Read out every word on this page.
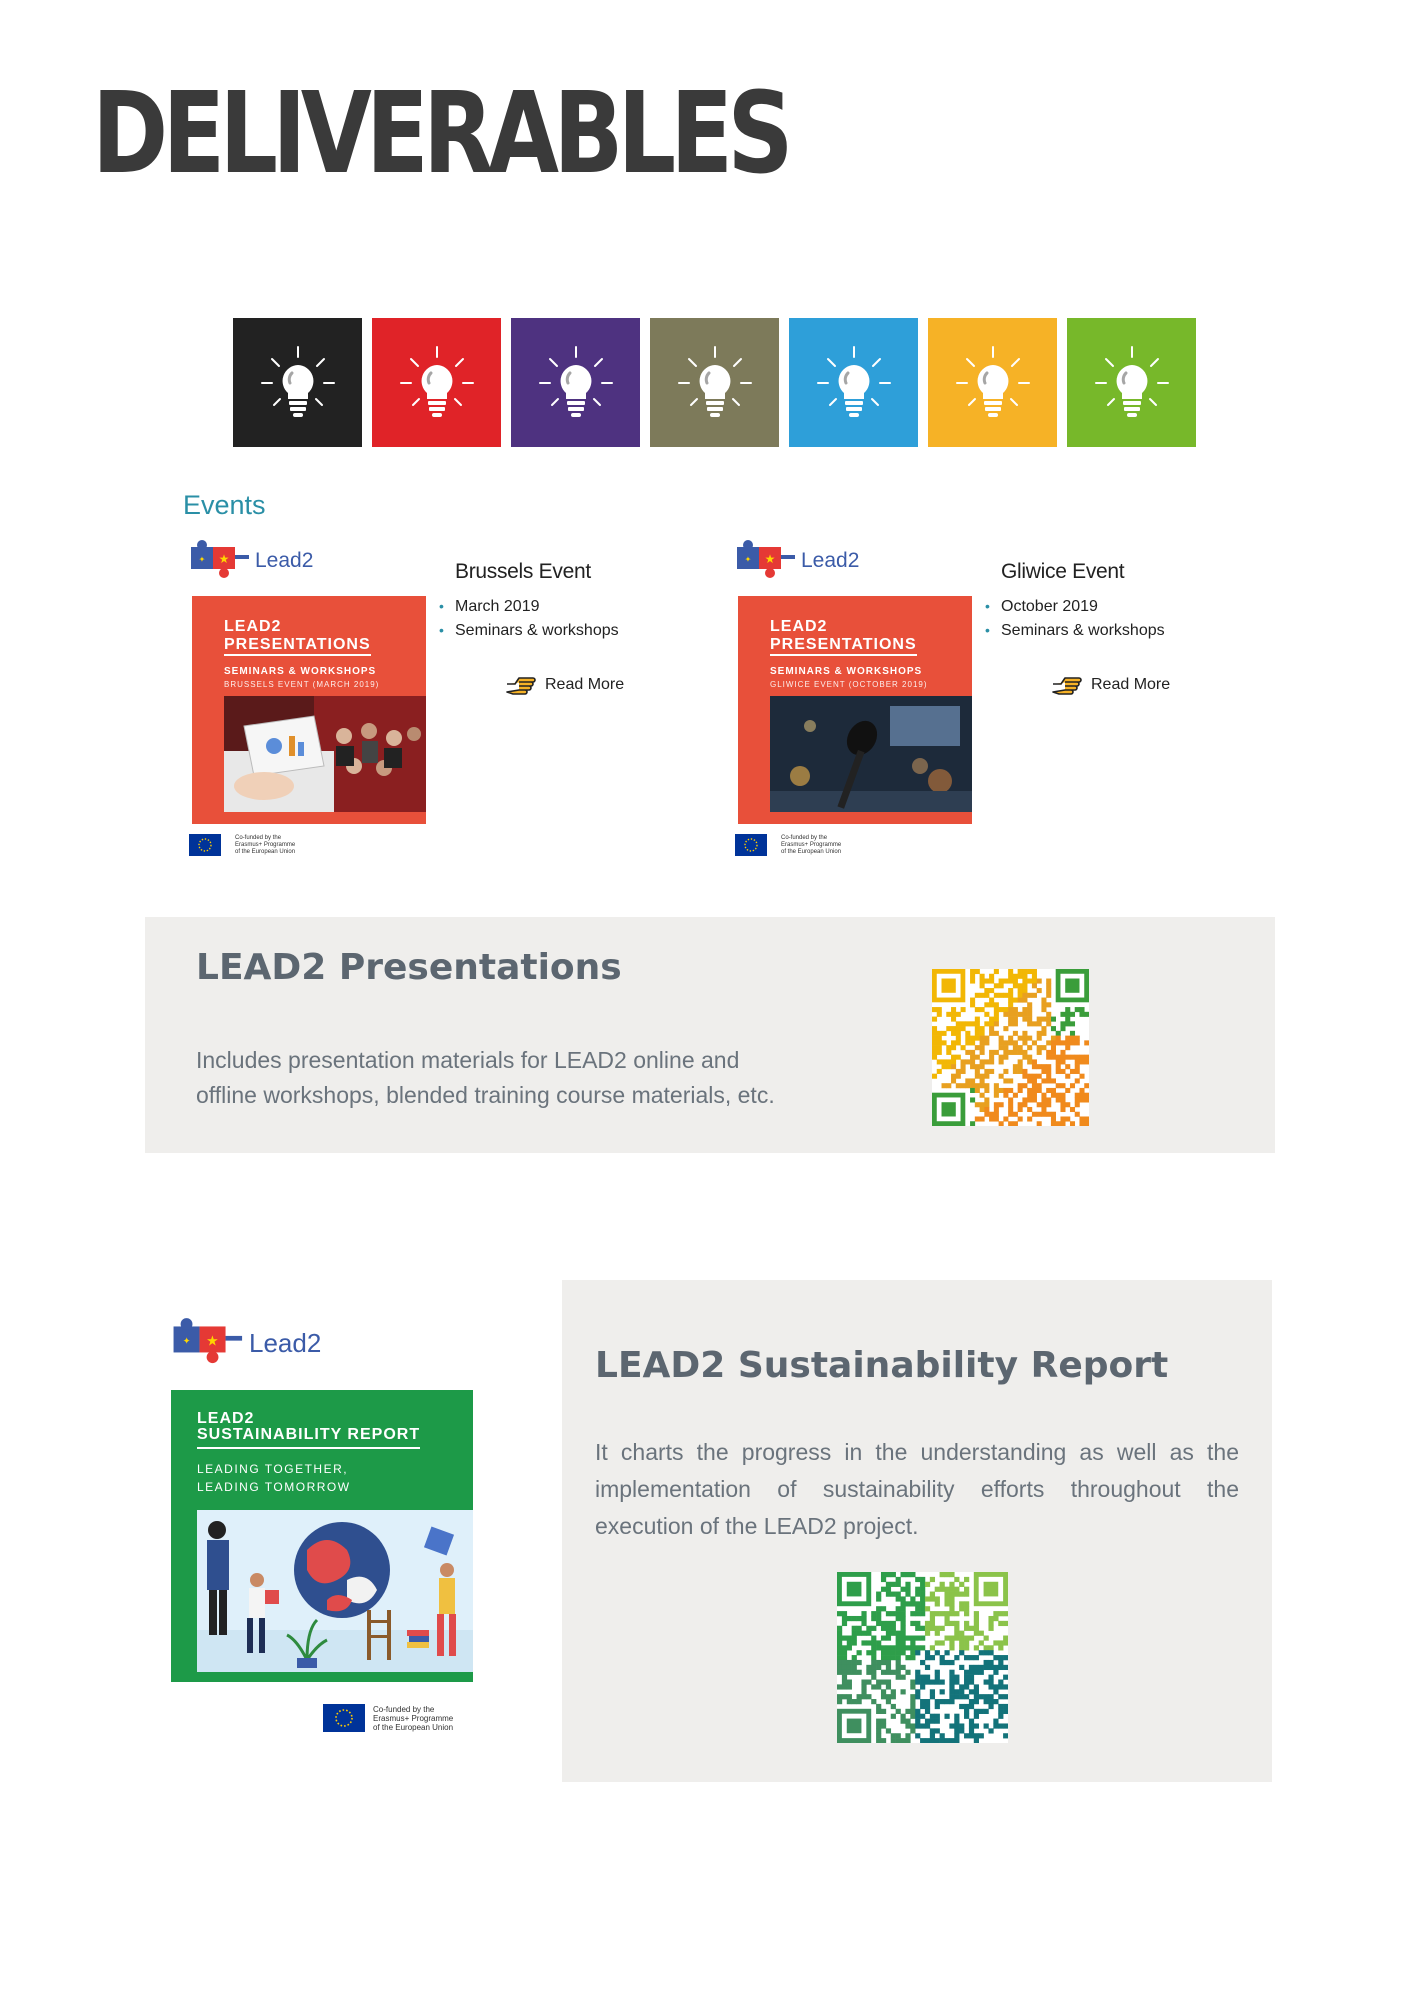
DELIVERABLES
Events
★
✦ Lead2
LEAD2
PRESENTATIONS
SEMINARS & WORKSHOPS
BRUSSELS EVENT (MARCH 2019)
Co-funded by the
Erasmus+ Programme
of the European Union
Brussels Event
• March 2019
• Seminars & workshops
Read More
★
✦ Lead2
LEAD2
PRESENTATIONS
SEMINARS & WORKSHOPS
GLIWICE EVENT (OCTOBER 2019)
Co-funded by the
Erasmus+ Programme
of the European Union
Gliwice Event
• October 2019
• Seminars & workshops
Read More
LEAD2 Presentations

Includes presentation materials for LEAD2 online and
offline workshops, blended training course materials, etc.

★
✦ Lead2
LEAD2
SUSTAINABILITY REPORT
LEADING TOGETHER,
LEADING TOMORROW
Co-funded by the
Erasmus+ Programme
of the European Union
LEAD2 Sustainability Report
It charts the progress in the understanding as well as the
implementation of sustainability efforts throughout the
execution of the LEAD2 project.
